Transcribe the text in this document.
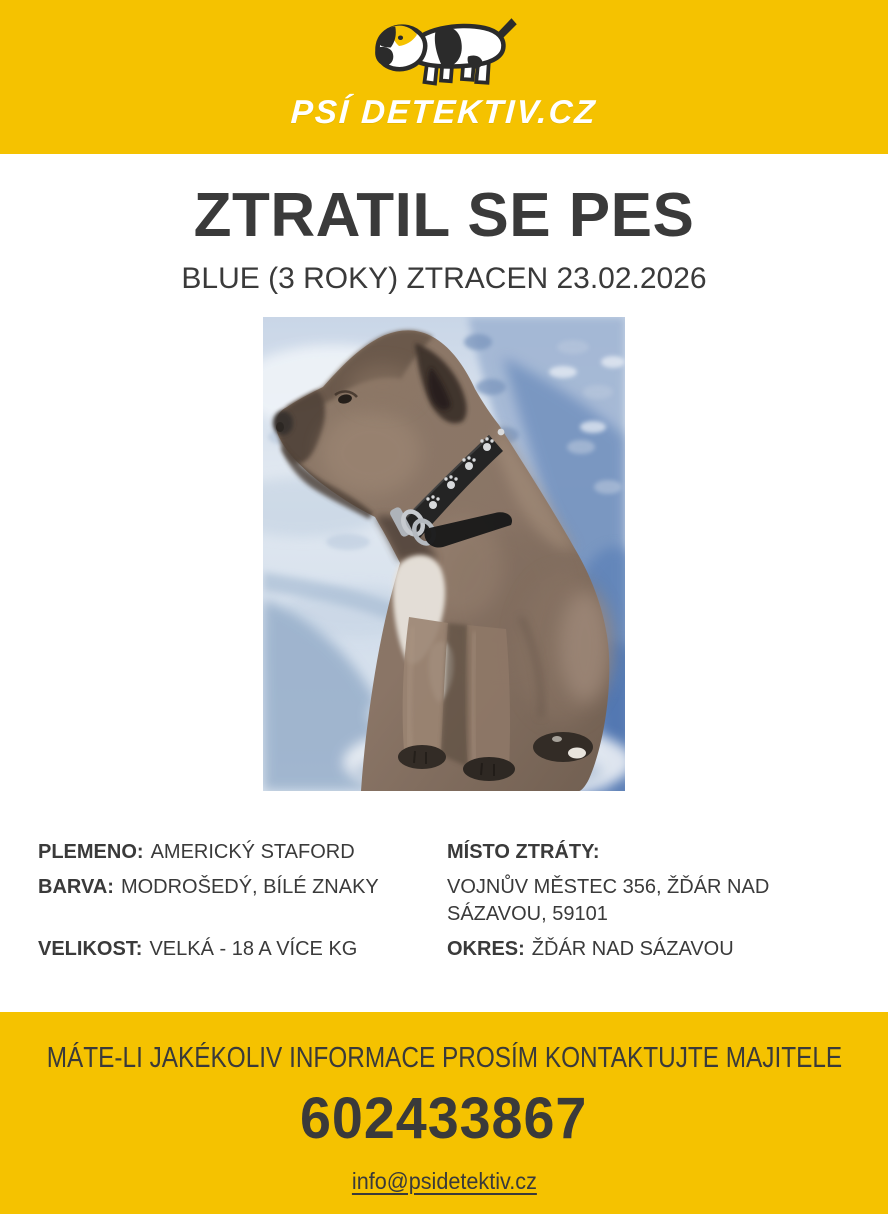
PSÍ DETEKTIV.CZ
ZTRATIL SE PES
BLUE (3 ROKY) ZTRACEN 23.02.2026
PLEMENO: AMERICKÝ STAFORD	MÍSTO ZTRÁTY:
BARVA: MODROŠEDÝ, BÍLÉ ZNAKY	VOJNŮV MĚSTEC 356, ŽĎÁR NAD SÁZAVOU, 59101
VELIKOST: VELKÁ - 18 A VÍCE KG	OKRES: ŽĎÁR NAD SÁZAVOU
MÁTE-LI JAKÉKOLIV INFORMACE PROSÍM KONTAKTUJTE MAJITELE
602433867
info@psidetektiv.cz
